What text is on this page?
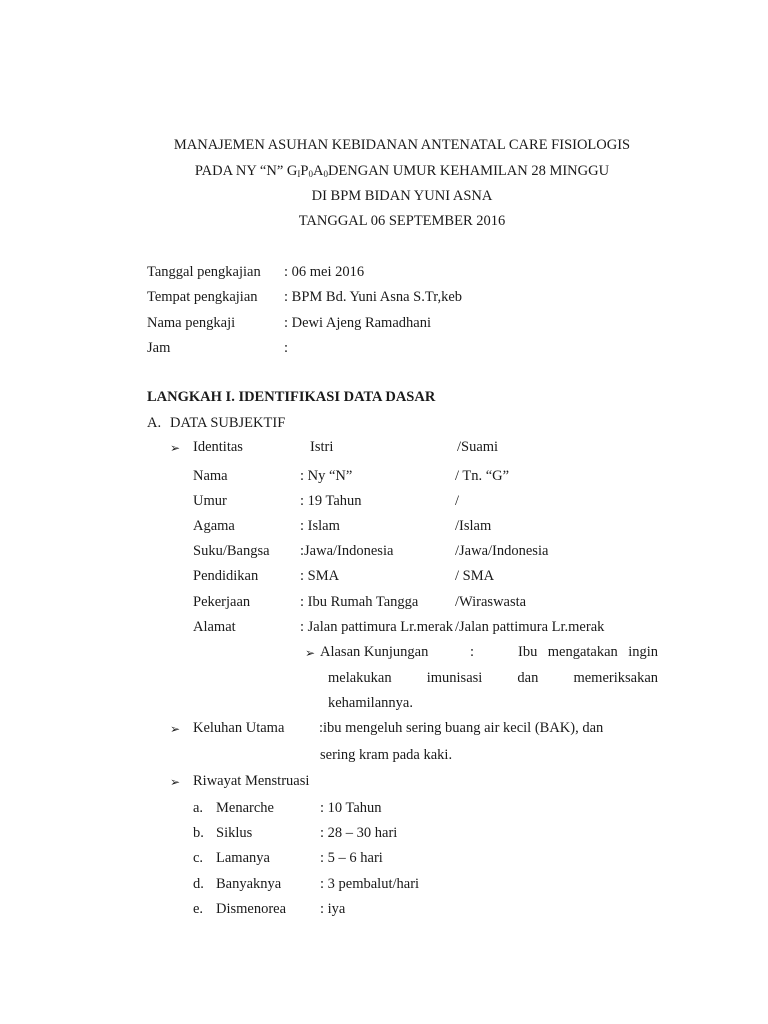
MANAJEMEN ASUHAN KEBIDANAN ANTENATAL CARE FISIOLOGIS
PADA NY “N” $G_IP_0A_0DENGAN$ UMUR KEHAMILAN 28 MINGGU
DI BPM BIDAN YUNI ASNA
TANGGAL 06 SEPTEMBER 2016
Tanggal pengkajian : 06 mei 2016
Tempat pengkajian : BPM Bd. Yuni Asna S.Tr,keb
Nama pengkaji	: Dewi Ajeng Ramadhani
Jam	:
LANGKAH I. IDENTIFIKASI DATA DASAR
A. DATA SUBJEKTIF
➢ Identitas	Istri	/Suami
Nama	: Ny “N”	/ Tn. “G”
Umur	: 19 Tahun	/
Agama	: Islam	/Islam
Suku/Bangsa :Jawa/Indonesia	/Jawa/Indonesia
Pendidikan	: SMA	/ SMA
Pekerjaan	: Ibu Rumah Tangga	/Wiraswasta
Alamat	: Jalan pattimura Lr.merak /Jalan pattimura Lr.merak
➢ Alasan Kunjungan	:	Ibu mengatakan ingin
melakukan imunisasi dan memeriksakan
kehamilannya.
➢ Keluhan Utama :ibu mengeluh sering buang air kecil (BAK), dan
sering kram pada kaki.
➢ Riwayat Menstruasi
a. Menarche	: 10 Tahun
b. Siklus	: 28 – 30 hari
c. Lamanya	: 5 – 6 hari
d. Banyaknya	: 3 pembalut/hari
e. Dismenorea : iya
